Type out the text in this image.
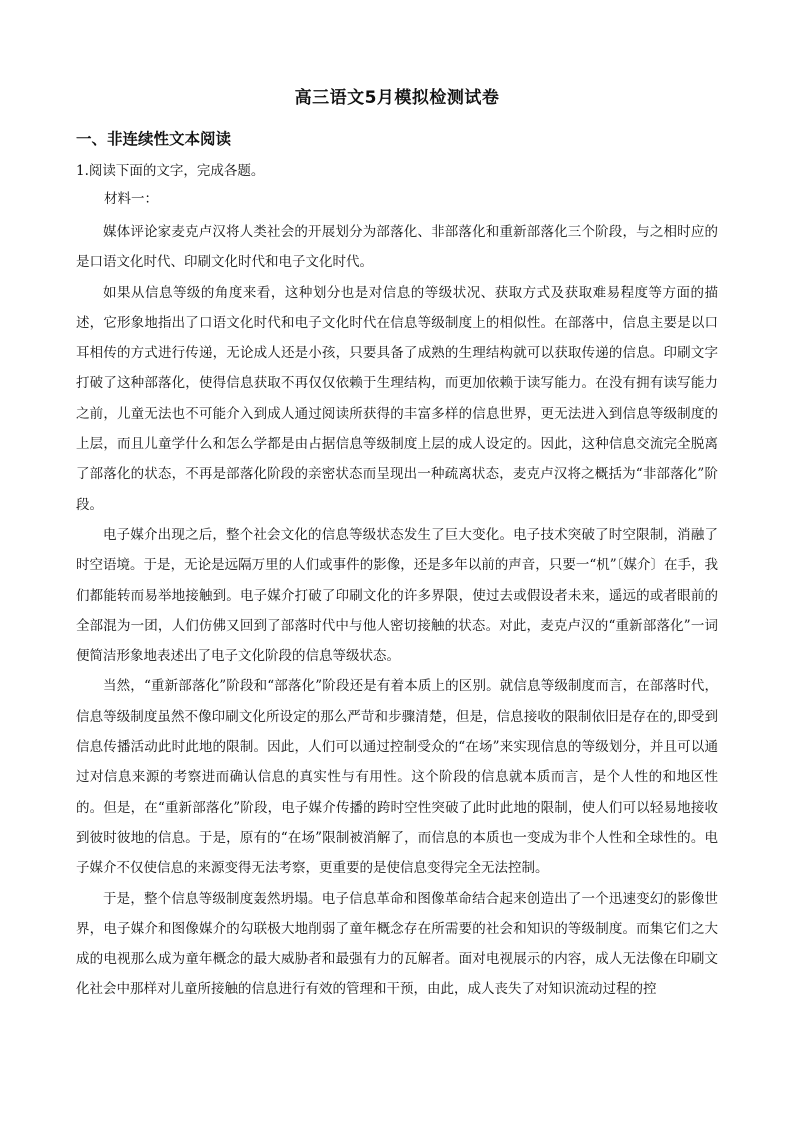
高三语文5月模拟检测试卷
一、非连续性文本阅读
1.阅读下面的文字，完成各题。
材料一：

媒体评论家麦克卢汉将人类社会的开展划分为部落化、非部落化和重新部落化三个阶段，与之相时应的是口语文化时代、印刷文化时代和电子文化时代。

如果从信息等级的角度来看，这种划分也是对信息的等级状况、获取方式及获取难易程度等方面的描述，它形象地指出了口语文化时代和电子文化时代在信息等级制度上的相似性。在部落中，信息主要是以口耳相传的方式进行传递，无论成人还是小孩，只要具备了成熟的生理结构就可以获取传递的信息。印刷文字打破了这种部落化，使得信息获取不再仅仅依赖于生理结构，而更加依赖于读写能力。在没有拥有读写能力之前，儿童无法也不可能介入到成人通过阅读所获得的丰富多样的信息世界，更无法进入到信息等级制度的上层，而且儿童学什么和怎么学都是由占据信息等级制度上层的成人设定的。因此，这种信息交流完全脱离了部落化的状态，不再是部落化阶段的亲密状态而呈现出一种疏离状态，麦克卢汉将之概括为“非部落化”阶段。

电子媒介出现之后，整个社会文化的信息等级状态发生了巨大变化。电子技术突破了时空限制，消融了时空语境。于是，无论是远隔万里的人们或事件的影像，还是多年以前的声音，只要一“机”〔媒介〕在手，我们都能转而易举地接触到。电子媒介打破了印刷文化的许多界限，使过去或假设者未来，遥远的或者眼前的全部混为一团，人们仿佛又回到了部落时代中与他人密切接触的状态。对此，麦克卢汉的“重新部落化”一词便简洁形象地表述出了电子文化阶段的信息等级状态。

当然，“重新部落化”阶段和“部落化”阶段还是有着本质上的区别。就信息等级制度而言，在部落时代，信息等级制度虽然不像印刷文化所设定的那么严苛和步骤清楚，但是，信息接收的限制依旧是存在的,即受到信息传播活动此时此地的限制。因此，人们可以通过控制受众的“在场”来实现信息的等级划分，并且可以通过对信息来源的考察进而确认信息的真实性与有用性。这个阶段的信息就本质而言，是个人性的和地区性的。但是，在“重新部落化”阶段，电子媒介传播的跨时空性突破了此时此地的限制，使人们可以轻易地接收到彼时彼地的信息。于是，原有的“在场”限制被消解了，而信息的本质也一变成为非个人性和全球性的。电子媒介不仅使信息的来源变得无法考察，更重要的是使信息变得完全无法控制。

于是，整个信息等级制度轰然坍塌。电子信息革命和图像革命结合起来创造出了一个迅速变幻的影像世界，电子媒介和图像媒介的勾联极大地削弱了童年概念存在所需要的社会和知识的等级制度。而集它们之大成的电视那么成为童年概念的最大威胁者和最强有力的瓦解者。面对电视展示的内容，成人无法像在印刷文化社会中那样对儿童所接触的信息进行有效的管理和干预，由此，成人丧失了对知识流动过程的控
